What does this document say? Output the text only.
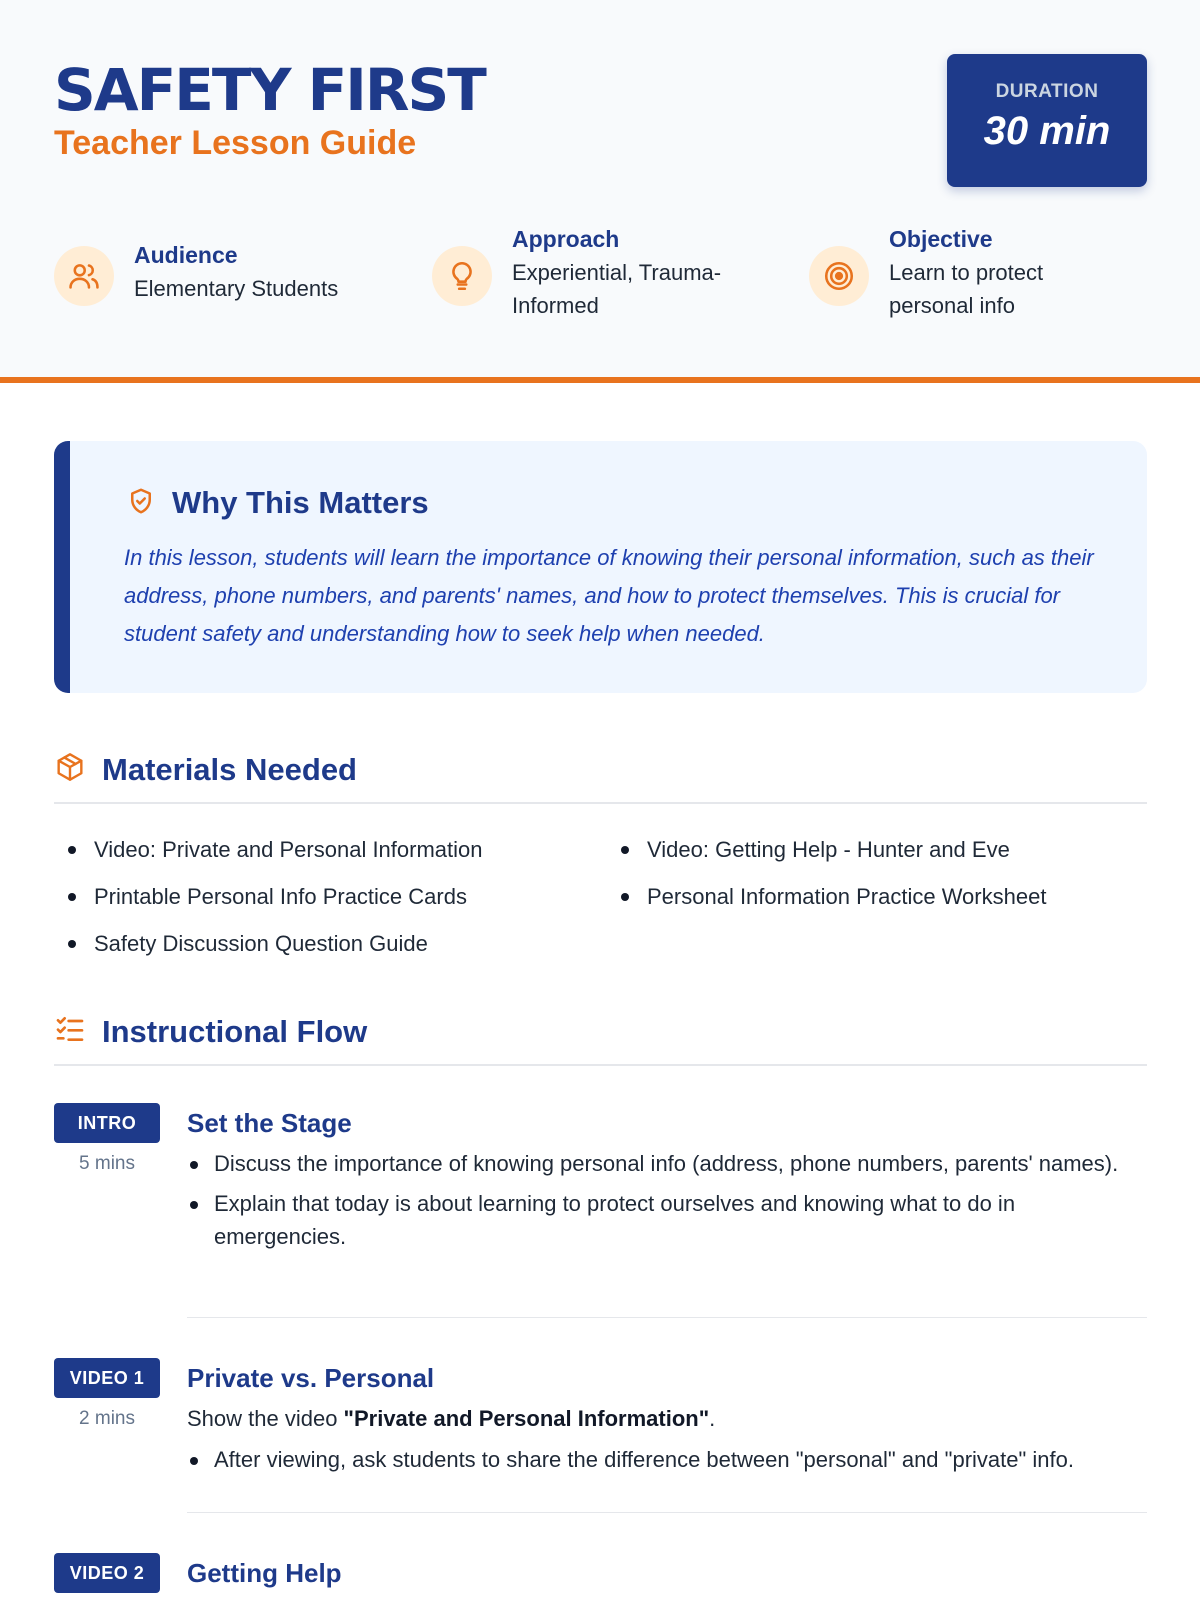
SAFETY FIRST
Teacher Lesson Guide
DURATION
30 min
Audience
Elementary Students
Approach
Experiential, Trauma-Informed
Objective
Learn to protect personal info
Why This Matters
In this lesson, students will learn the importance of knowing their personal information, such as their address, phone numbers, and parents' names, and how to protect themselves. This is crucial for student safety and understanding how to seek help when needed.
Materials Needed
Video: Private and Personal Information
Printable Personal Info Practice Cards
Safety Discussion Question Guide
Video: Getting Help - Hunter and Eve
Personal Information Practice Worksheet
Instructional Flow
INTRO
5 mins
Set the Stage
Discuss the importance of knowing personal info (address, phone numbers, parents' names).
Explain that today is about learning to protect ourselves and knowing what to do in emergencies.
VIDEO 1
2 mins
Private vs. Personal
Show the video "Private and Personal Information".
After viewing, ask students to share the difference between "personal" and "private" info.
VIDEO 2	Getting Help
